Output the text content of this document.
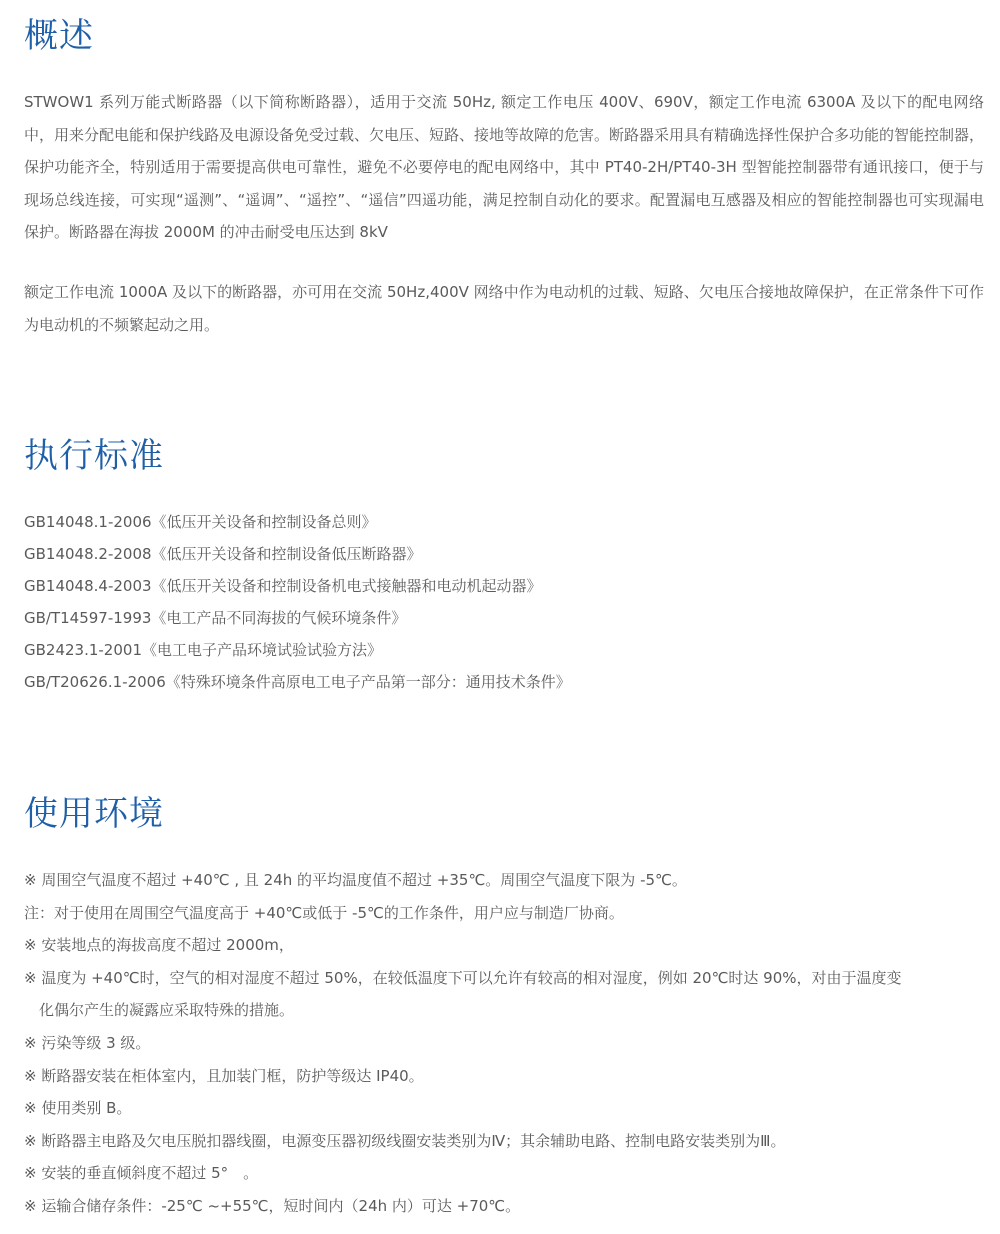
概述

STWOW1 系列万能式断路器（以下简称断路器），适用于交流 50Hz, 额定工作电压 400V、690V，额定工作电流 6300A 及以下的配电网络中，用来分配电能和保护线路及电源设备免受过载、欠电压、短路、接地等故障的危害。断路器采用具有精确选择性保护合多功能的智能控制器，保护功能齐全，特别适用于需要提高供电可靠性，避免不必要停电的配电网络中，其中 PT40-2H/PT40-3H 型智能控制器带有通讯接口，便于与现场总线连接，可实现“遥测”、“遥调”、“遥控”、“遥信”四遥功能，满足控制自动化的要求。配置漏电互感器及相应的智能控制器也可实现漏电保护。断路器在海拔 2000M 的冲击耐受电压达到 8kV

额定工作电流 1000A 及以下的断路器，亦可用在交流 50Hz,400V 网络中作为电动机的过载、短路、欠电压合接地故障保护，在正常条件下可作为电动机的不频繁起动之用。

执行标准
GB14048.1-2006《低压开关设备和控制设备总则》
GB14048.2-2008《低压开关设备和控制设备低压断路器》
GB14048.4-2003《低压开关设备和控制设备机电式接触器和电动机起动器》
GB/T14597-1993《电工产品不同海拔的气候环境条件》
GB2423.1-2001《电工电子产品环境试验试验方法》
GB/T20626.1-2006《特殊环境条件高原电工电子产品第一部分：通用技术条件》
使用环境
※ 周围空气温度不超过 +40℃ , 且 24h 的平均温度值不超过 +35℃。周围空气温度下限为 -5℃。
注：对于使用在周围空气温度高于 +40℃或低于 -5℃的工作条件，用户应与制造厂协商。
※ 安装地点的海拔高度不超过 2000m，
※ 温度为 +40℃时，空气的相对湿度不超过 50%，在较低温度下可以允许有较高的相对湿度，例如 20℃时达 90%，对由于温度变
　化偶尔产生的凝露应采取特殊的措施。
※ 污染等级 3 级。
※ 断路器安装在柜体室内，且加装门框，防护等级达 IP40。
※ 使用类别 B。
※ 断路器主电路及欠电压脱扣器线圈，电源变压器初级线圈安装类别为Ⅳ；其余辅助电路、控制电路安装类别为Ⅲ。
※ 安装的垂直倾斜度不超过 5°　。
※ 运输合储存条件：-25℃ ~+55℃，短时间内（24h 内）可达 +70℃。
